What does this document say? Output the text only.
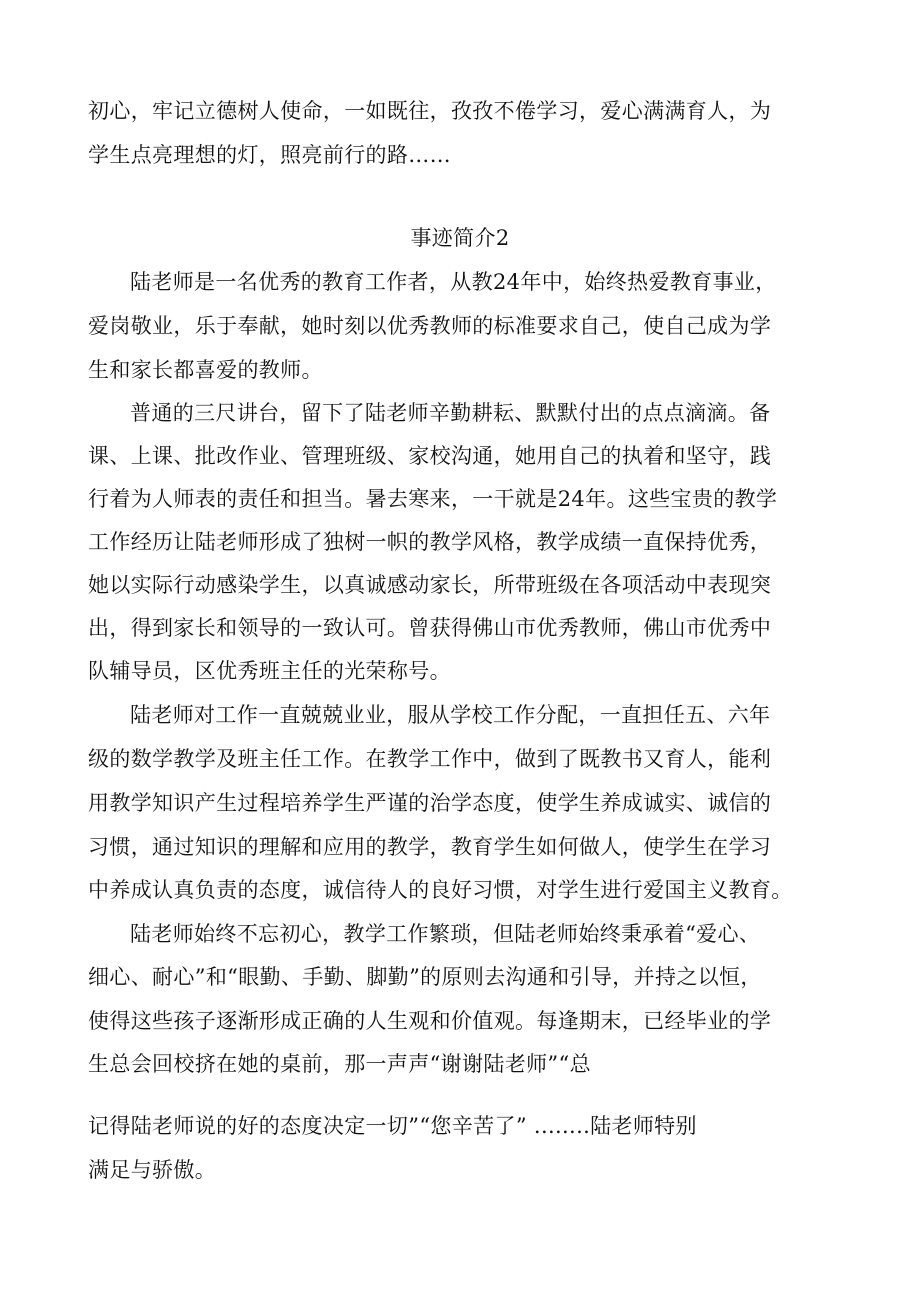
初心，牢记立德树人使命，一如既往，孜孜不倦学习，爱心满满育人，为
学生点亮理想的灯，照亮前行的路……
事迹简介2
陆老师是一名优秀的教育工作者，从教24年中，始终热爱教育事业，
爱岗敬业，乐于奉献，她时刻以优秀教师的标准要求自己，使自己成为学
生和家长都喜爱的教师。
普通的三尺讲台，留下了陆老师辛勤耕耘、默默付出的点点滴滴。备
课、上课、批改作业、管理班级、家校沟通，她用自己的执着和坚守，践
行着为人师表的责任和担当。暑去寒来，一干就是24年。这些宝贵的教学
工作经历让陆老师形成了独树一帜的教学风格，教学成绩一直保持优秀，
她以实际行动感染学生，以真诚感动家长，所带班级在各项活动中表现突
出，得到家长和领导的一致认可。曾获得佛山市优秀教师，佛山市优秀中
队辅导员，区优秀班主任的光荣称号。
陆老师对工作一直兢兢业业，服从学校工作分配，一直担任五、六年
级的数学教学及班主任工作。在教学工作中，做到了既教书又育人，能利
用教学知识产生过程培养学生严谨的治学态度，使学生养成诚实、诚信的
习惯，通过知识的理解和应用的教学，教育学生如何做人，使学生在学习
中养成认真负责的态度，诚信待人的良好习惯，对学生进行爱国主义教育。
陆老师始终不忘初心，教学工作繁琐，但陆老师始终秉承着“爱心、
细心、耐心”和“眼勤、手勤、脚勤”的原则去沟通和引导，并持之以恒，
使得这些孩子逐渐形成正确的人生观和价值观。每逢期末，已经毕业的学
生总会回校挤在她的桌前，那一声声“谢谢陆老师”“总
记得陆老师说的好的态度决定一切”“您辛苦了” ........陆老师特别
满足与骄傲。
